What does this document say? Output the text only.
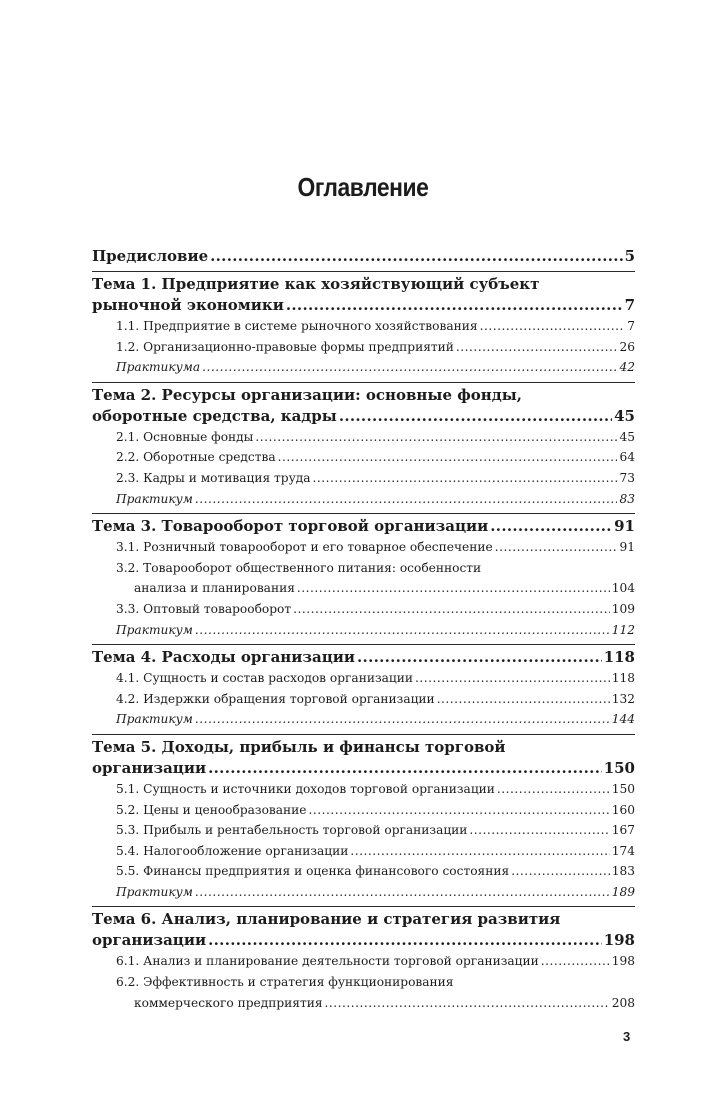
Оглавление
Предисловие .....	5
Тема 1. Предприятие как хозяйствующий субъект
рыночной экономики .....	7
1.1. Предприятие в системе рыночного хозяйствования .....	7
1.2. Организационно-правовые формы предприятий .....	26
Практикума .....	42
Тема 2. Ресурсы организации: основные фонды,
оборотные средства, кадры .....	45
2.1. Основные фонды .....	45
2.2. Оборотные средства .....	64
2.3. Кадры и мотивация труда .....	73
Практикум .....	83
Тема 3. Товарооборот торговой организации .....	91
3.1. Розничный товарооборот и его товарное обеспечение .....	91
3.2. Товарооборот общественного питания: особенности
анализа и планирования .....	104
3.3. Оптовый товарооборот .....	109
Практикум .....	112
Тема 4. Расходы организации .....	118
4.1. Сущность и состав расходов организации .....	118
4.2. Издержки обращения торговой организации .....	132
Практикум .....	144
Тема 5. Доходы, прибыль и финансы торговой
организации .....	150
5.1. Сущность и источники доходов торговой организации .....	150
5.2. Цены и ценообразование .....	160
5.3. Прибыль и рентабельность торговой организации .....	167
5.4. Налогообложение организации .....	174
5.5. Финансы предприятия и оценка финансового состояния .....	183
Практикум .....	189
Тема 6. Анализ, планирование и стратегия развития
организации .....	198
6.1. Анализ и планирование деятельности торговой организации .....	198
6.2. Эффективность и стратегия функционирования
коммерческого предприятия .....	208
3
